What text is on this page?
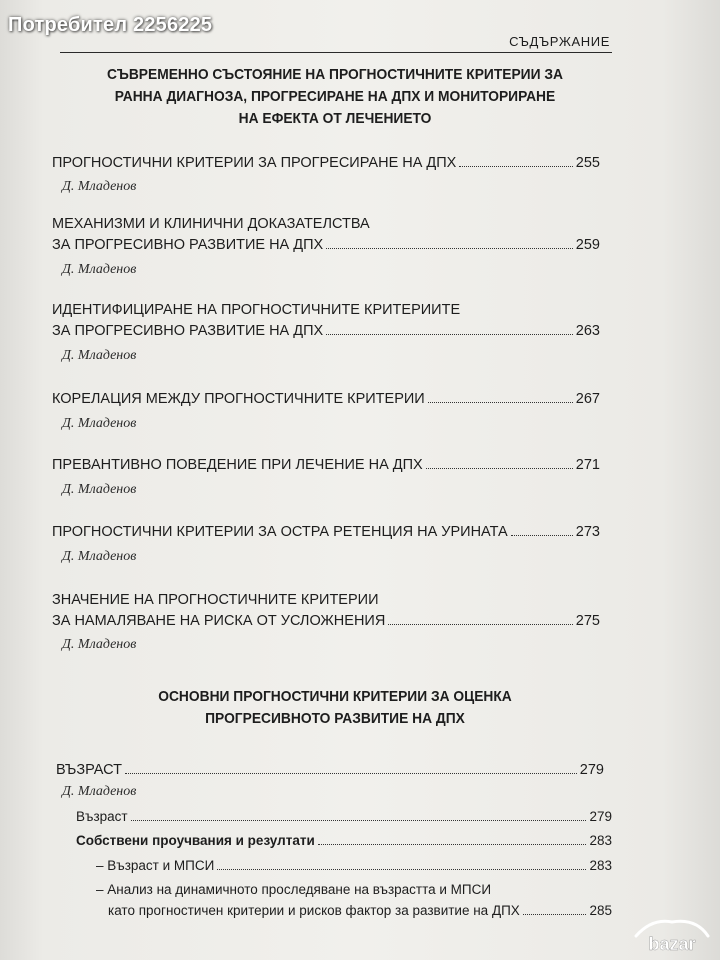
Потребител 2256225
СЪДЪРЖАНИЕ
СЪВРЕМЕННО СЪСТОЯНИЕ НА ПРОГНОСТИЧНИТЕ КРИТЕРИИ ЗА
РАННА ДИАГНОЗА, ПРОГРЕСИРАНЕ НА ДПХ И МОНИТОРИРАНЕ
НА ЕФЕКТА ОТ ЛЕЧЕНИЕТО
ПРОГНОСТИЧНИ КРИТЕРИИ ЗА ПРОГРЕСИРАНЕ НА ДПХ	255
Д. Младенов
МЕХАНИЗМИ И КЛИНИЧНИ ДОКАЗАТЕЛСТВА
ЗА ПРОГРЕСИВНО РАЗВИТИЕ НА ДПХ	259
Д. Младенов
ИДЕНТИФИЦИРАНЕ НА ПРОГНОСТИЧНИТЕ КРИТЕРИИТЕ
ЗА ПРОГРЕСИВНО РАЗВИТИЕ НА ДПХ	263
Д. Младенов
КОРЕЛАЦИЯ МЕЖДУ ПРОГНОСТИЧНИТЕ КРИТЕРИИ	267
Д. Младенов
ПРЕВАНТИВНО ПОВЕДЕНИЕ ПРИ ЛЕЧЕНИЕ НА ДПХ	271
Д. Младенов
ПРОГНОСТИЧНИ КРИТЕРИИ ЗА ОСТРА РЕТЕНЦИЯ НА УРИНАТА	273
Д. Младенов
ЗНАЧЕНИЕ НА ПРОГНОСТИЧНИТЕ КРИТЕРИИ
ЗА НАМАЛЯВАНЕ НА РИСКА ОТ УСЛОЖНЕНИЯ	275
Д. Младенов
ОСНОВНИ ПРОГНОСТИЧНИ КРИТЕРИИ ЗА ОЦЕНКА
ПРОГРЕСИВНОТО РАЗВИТИЕ НА ДПХ
ВЪЗРАСТ	279
Д. Младенов
Възраст	279
Собствени проучвания и резултати	283
– Възраст и МПСИ	283
– Анализ на динамичното проследяване на възрастта и МПСИ
като прогностичен критерии и рисков фактор за развитие на ДПХ	285
bazar
